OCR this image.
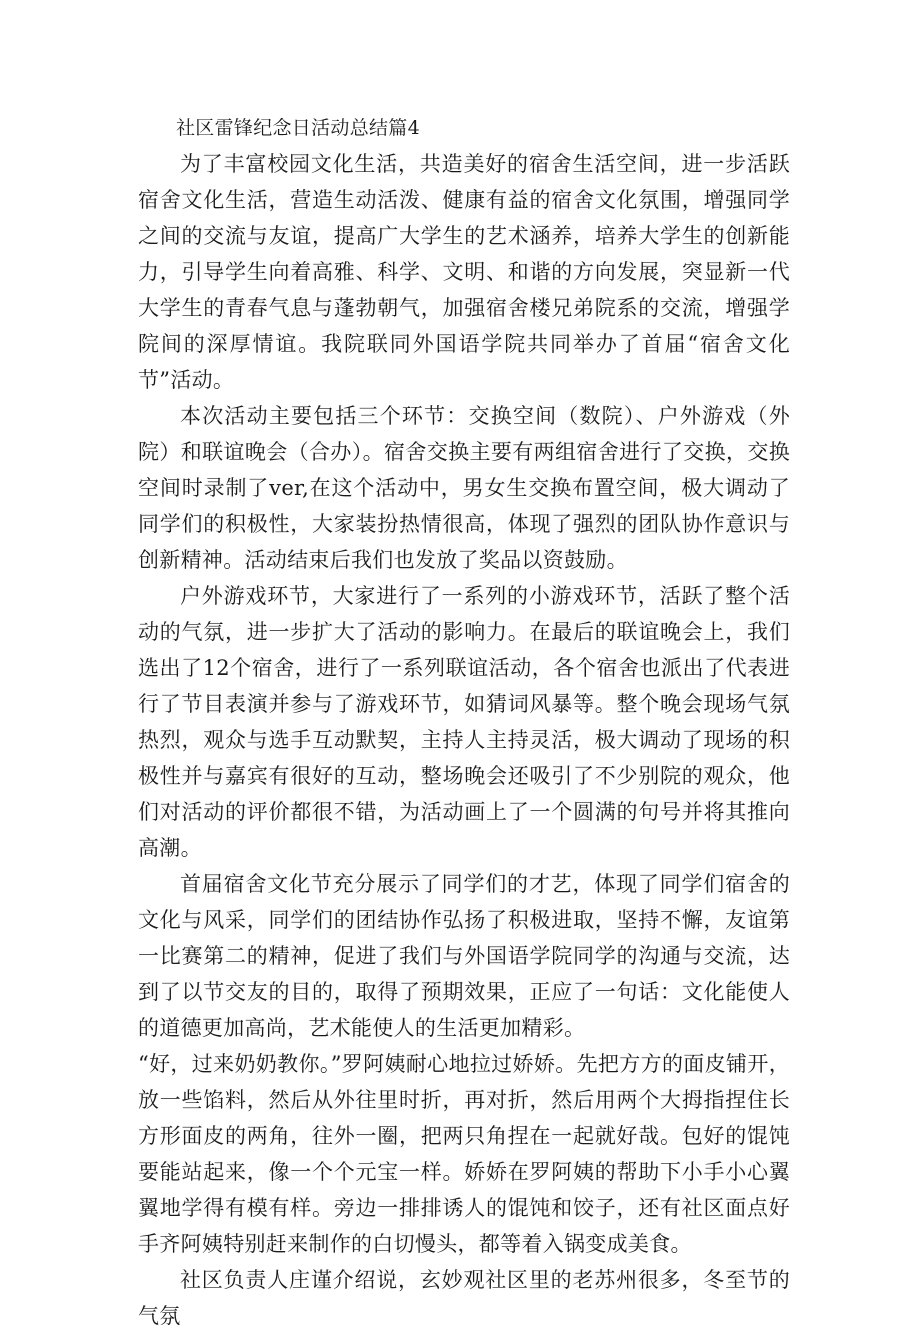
社区雷锋纪念日活动总结篇4

为了丰富校园文化生活，共造美好的宿舍生活空间，进一步活跃宿舍文化生活，营造生动活泼、健康有益的宿舍文化氛围，增强同学之间的交流与友谊，提高广大学生的艺术涵养，培养大学生的创新能力，引导学生向着高雅、科学、文明、和谐的方向发展，突显新一代大学生的青春气息与蓬勃朝气，加强宿舍楼兄弟院系的交流，增强学院间的深厚情谊。我院联同外国语学院共同举办了首届“宿舍文化节”活动。

本次活动主要包括三个环节：交换空间（数院）、户外游戏（外院）和联谊晚会（合办）。宿舍交换主要有两组宿舍进行了交换，交换空间时录制了ver,在这个活动中，男女生交换布置空间，极大调动了同学们的积极性，大家装扮热情很高，体现了强烈的团队协作意识与创新精神。活动结束后我们也发放了奖品以资鼓励。

户外游戏环节，大家进行了一系列的小游戏环节，活跃了整个活动的气氛，进一步扩大了活动的影响力。在最后的联谊晚会上，我们选出了12个宿舍，进行了一系列联谊活动，各个宿舍也派出了代表进行了节目表演并参与了游戏环节，如猜词风暴等。整个晚会现场气氛热烈，观众与选手互动默契，主持人主持灵活，极大调动了现场的积极性并与嘉宾有很好的互动，整场晚会还吸引了不少别院的观众，他们对活动的评价都很不错，为活动画上了一个圆满的句号并将其推向高潮。

首届宿舍文化节充分展示了同学们的才艺，体现了同学们宿舍的文化与风采，同学们的团结协作弘扬了积极进取，坚持不懈，友谊第一比赛第二的精神，促进了我们与外国语学院同学的沟通与交流，达到了以节交友的目的，取得了预期效果，正应了一句话：文化能使人的道德更加高尚，艺术能使人的生活更加精彩。

“好，过来奶奶教你。”罗阿姨耐心地拉过娇娇。先把方方的面皮铺开，放一些馅料，然后从外往里时折，再对折，然后用两个大拇指捏住长方形面皮的两角，往外一圈，把两只角捏在一起就好哉。包好的馄饨要能站起来，像一个个元宝一样。娇娇在罗阿姨的帮助下小手小心翼翼地学得有模有样。旁边一排排诱人的馄饨和饺子，还有社区面点好手齐阿姨特别赶来制作的白切慢头，都等着入锅变成美食。

社区负责人庄谨介绍说，玄妙观社区里的老苏州很多，冬至节的气氛
